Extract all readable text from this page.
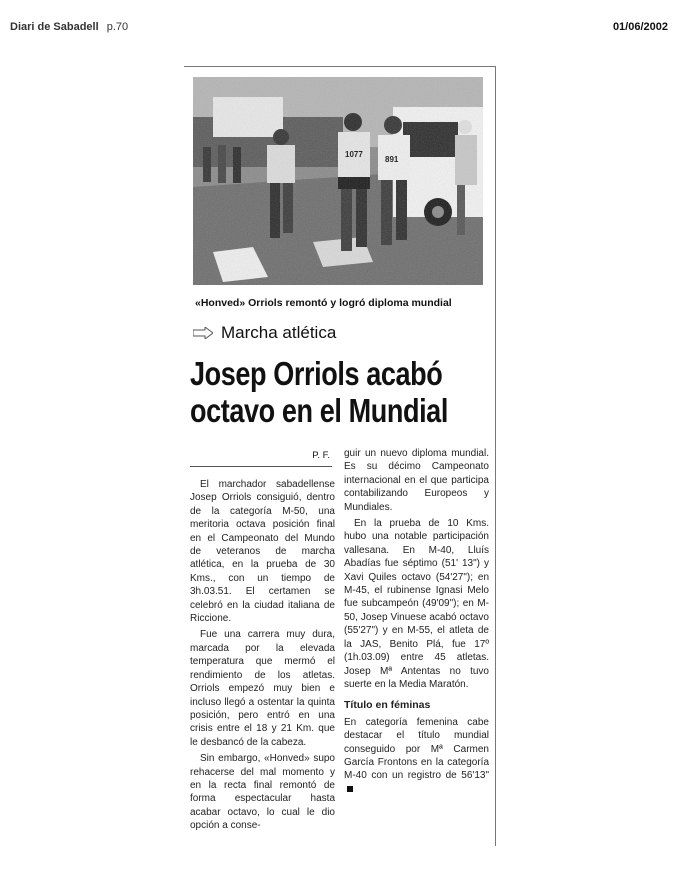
Diari de Sabadell p.70	01/06/2002
1077
891
«Honved» Orriols remontó y logró diploma mundial
Marcha atlética
Josep Orriols acabó
octavo en el Mundial
P. F.

El marchador sabadellense Josep Orriols consiguió, dentro de la categoría M-50, una meritoria octava posición final en el Campeonato del Mundo de veteranos de marcha atlética, en la prueba de 30 Kms., con un tiempo de 3h.03.51. El certamen se celebró en la ciudad italiana de Riccione.

Fue una carrera muy dura, marcada por la elevada temperatura que mermó el rendimiento de los atletas. Orriols empezó muy bien e incluso llegó a ostentar la quinta posición, pero entró en una crisis entre el 18 y 21 Km. que le desbancó de la cabeza.

Sin embargo, «Honved» supo rehacerse del mal momento y en la recta final remontó de forma espectacular hasta acabar octavo, lo cual le dio opción a conse-

guir un nuevo diploma mundial. Es su décimo Campeonato internacional en el que participa contabilizando Europeos y Mundiales.

En la prueba de 10 Kms. hubo una notable participación vallesana. En M-40, Lluís Abadías fue séptimo (51' 13") y Xavi Quiles octavo (54'27"); en M-45, el rubinense Ignasi Melo fue subcampeón (49'09"); en M-50, Josep Vinuese acabó octavo (55'27") y en M-55, el atleta de la JAS, Benito Plá, fue 17º (1h.03.09) entre 45 atletas. Josep Mª Antentas no tuvo suerte en la Media Maratón.

Título en féminas

En categoría femenina cabe destacar el título mundial conseguido por Mª Carmen García Frontons en la categoría M-40 con un registro de 56'13"
